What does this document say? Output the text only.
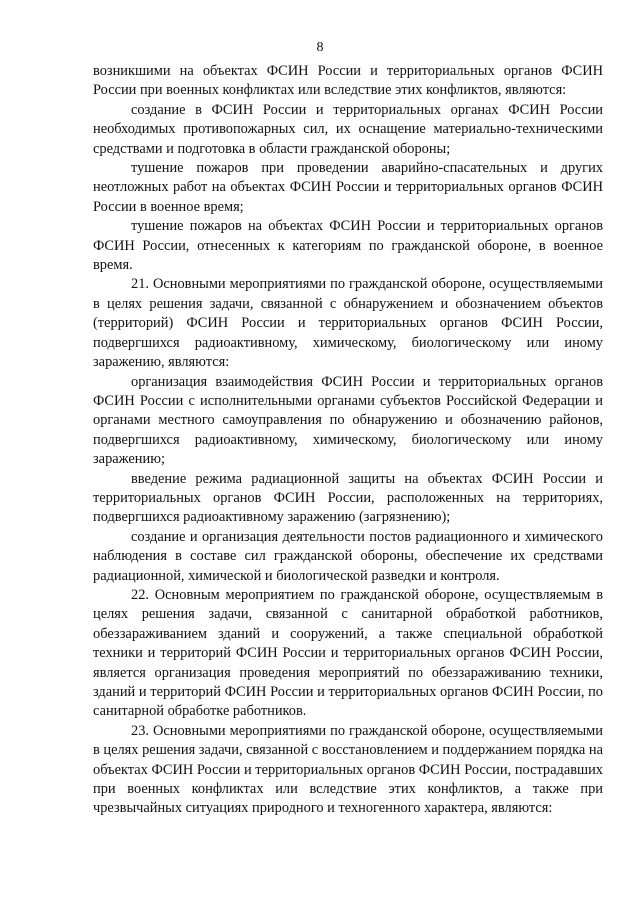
8

возникшими на объектах ФСИН России и территориальных органов ФСИН России при военных конфликтах или вследствие этих конфликтов, являются:

создание в ФСИН России и территориальных органах ФСИН России необходимых противопожарных сил, их оснащение материально-техническими средствами и подготовка в области гражданской обороны;

тушение пожаров при проведении аварийно-спасательных и других неотложных работ на объектах ФСИН России и территориальных органов ФСИН России в военное время;

тушение пожаров на объектах ФСИН России и территориальных органов ФСИН России, отнесенных к категориям по гражданской обороне, в военное время.

21. Основными мероприятиями по гражданской обороне, осуществляемыми в целях решения задачи, связанной с обнаружением и обозначением объектов (территорий) ФСИН России и территориальных органов ФСИН России, подвергшихся радиоактивному, химическому, биологическому или иному заражению, являются:

организация взаимодействия ФСИН России и территориальных органов ФСИН России с исполнительными органами субъектов Российской Федерации и органами местного самоуправления по обнаружению и обозначению районов, подвергшихся радиоактивному, химическому, биологическому или иному заражению;

введение режима радиационной защиты на объектах ФСИН России и территориальных органов ФСИН России, расположенных на территориях, подвергшихся радиоактивному заражению (загрязнению);

создание и организация деятельности постов радиационного и химического наблюдения в составе сил гражданской обороны, обеспечение их средствами радиационной, химической и биологической разведки и контроля.

22. Основным мероприятием по гражданской обороне, осуществляемым в целях решения задачи, связанной с санитарной обработкой работников, обеззараживанием зданий и сооружений, а также специальной обработкой техники и территорий ФСИН России и территориальных органов ФСИН России, является организация проведения мероприятий по обеззараживанию техники, зданий и территорий ФСИН России и территориальных органов ФСИН России, по санитарной обработке работников.

23. Основными мероприятиями по гражданской обороне, осуществляемыми в целях решения задачи, связанной с восстановлением и поддержанием порядка на объектах ФСИН России и территориальных органов ФСИН России, пострадавших при военных конфликтах или вследствие этих конфликтов, а также при чрезвычайных ситуациях природного и техногенного характера, являются:
